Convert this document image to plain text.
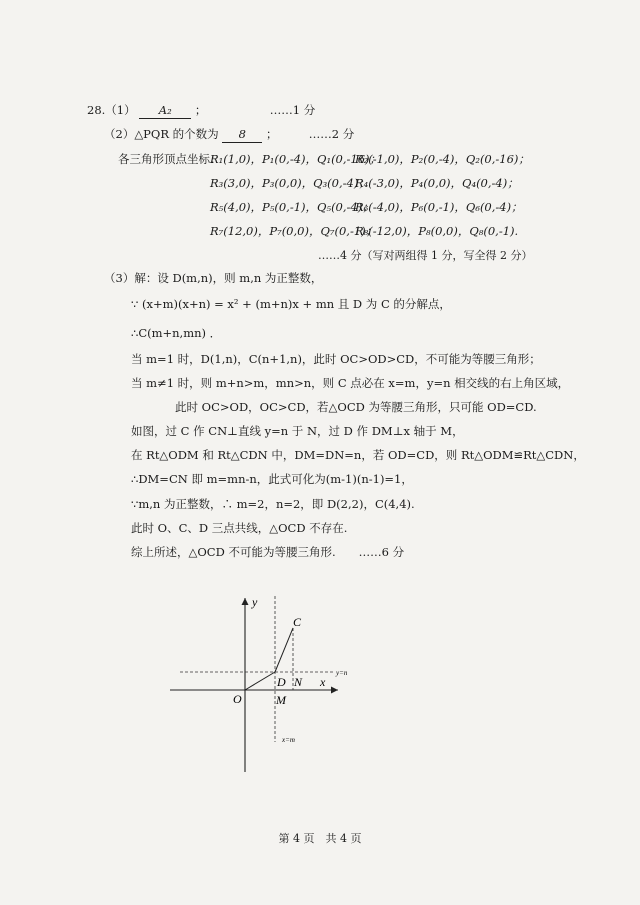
28.（1） A₂ ；	……1 分
（2）△PQR 的个数为 8 ；	……2 分
各三角形顶点坐标：
R₁(1,0)，P₁(0,-4)，Q₁(0,-16)；
R₂(-1,0)，P₂(0,-4)，Q₂(0,-16)；
R₃(3,0)，P₃(0,0)，Q₃(0,-4)；
R₄(-3,0)，P₄(0,0)，Q₄(0,-4)；
R₅(4,0)，P₅(0,-1)，Q₅(0,-4)；
R₆(-4,0)，P₆(0,-1)，Q₆(0,-4)；
R₇(12,0)，P₇(0,0)，Q₇(0,-1)；
R₈(-12,0)，P₈(0,0)，Q₈(0,-1).
……4 分（写对两组得 1 分，写全得 2 分）
（3）解：设 D(m,n)，则 m,n 为正整数，
∵ (x+m)(x+n) = x² + (m+n)x + mn 且 D 为 C 的分解点，
∴C(m+n,mn) ．
当 m=1 时，D(1,n)，C(n+1,n)，此时 OC>OD>CD，不可能为等腰三角形；
当 m≠1 时，则 m+n>m，mn>n，则 C 点必在 x=m，y=n 相交线的右上角区域，
此时 OC>OD，OC>CD，若△OCD 为等腰三角形，只可能 OD=CD.
如图，过 C 作 CN⊥直线 y=n 于 N，过 D 作 DM⊥x 轴于 M，
在 Rt△ODM 和 Rt△CDN 中，DM=DN=n，若 OD=CD，则 Rt△ODM≌Rt△CDN，
∴DM=CN 即 m=mn-n，此式可化为(m-1)(n-1)=1，
∵m,n 为正整数，∴ m=2，n=2，即 D(2,2)，C(4,4).
此时 O、C、D 三点共线，△OCD 不存在.
综上所述，△OCD 不可能为等腰三角形.　　……6 分
y
x
C
D N
O	M
y=n
x=m
第 4 页　共 4 页
